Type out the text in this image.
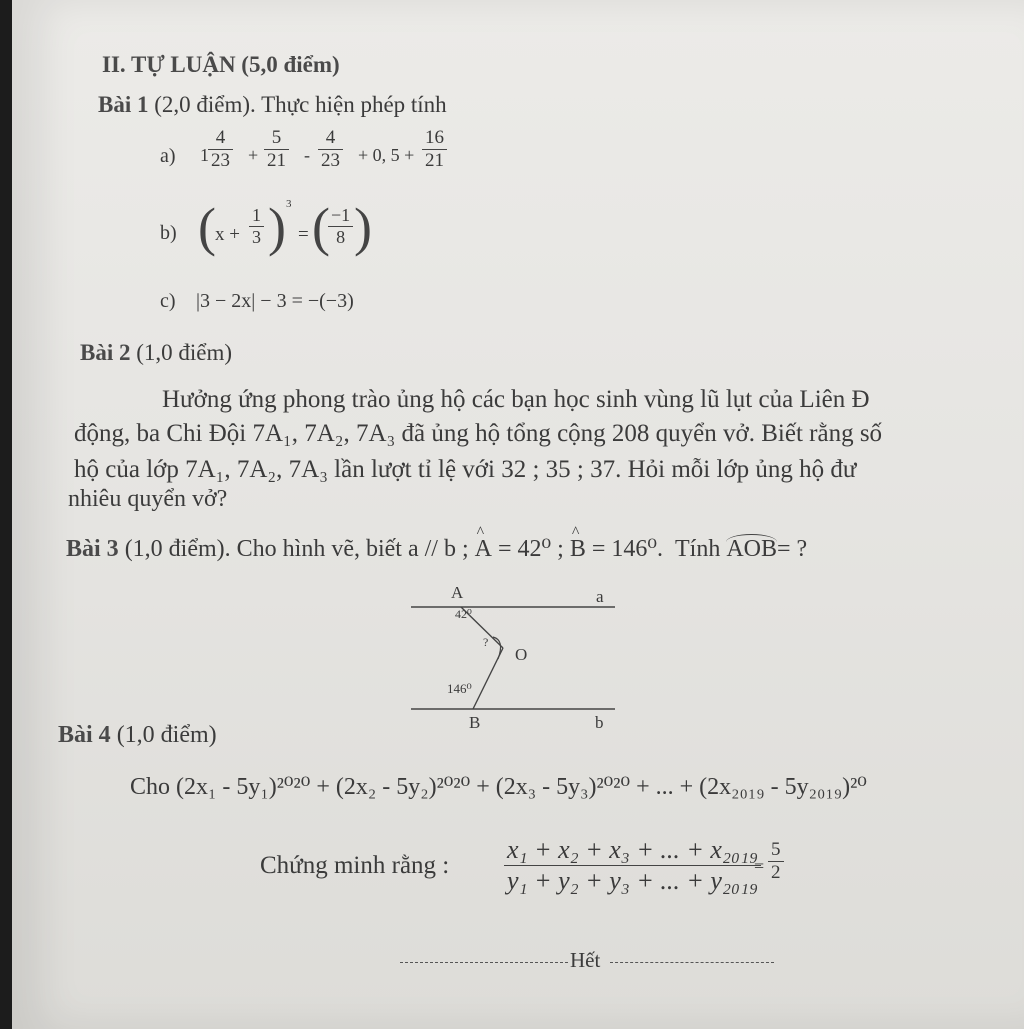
II. TỰ LUẬN (5,0 điểm)
Bài 1 (2,0 điểm). Thực hiện phép tính
a) $1 \frac{4}{23} + \frac{5}{21} - \frac{4}{23} + 0$, $5 + \frac{16}{21}$
b) ( $x + \frac{1}{3}$ ) 3
= (
$\frac{-1}{8}$ )
c) |3 − 2x| − 3 = −(−3)
Bài 2 (1,0 điểm)
Hưởng ứng phong trào ủng hộ các bạn học sinh vùng lũ lụt của Liên Đ
động, ba Chi Đội 7A₁, 7A₂, 7A₃ đã ủng hộ tổng cộng 208 quyển vở. Biết rằng số
hộ của lớp 7A₁, 7A₂, 7A₃ lần lượt tỉ lệ với 32 ; 35 ; 37. Hỏi mỗi lớp ủng hộ đư
nhiêu quyển vở?
Bài 3 (1,0 điểm). Cho hình vẽ, biết a // b ;
^
A = 42⁰ ;
^
B = 146⁰. Tính AOB= ?
A	a
42⁰
?
O
146⁰
B	b
Bài 4 (1,0 điểm)
Cho (2x₁ - 5y₁)²⁰²⁰ + (2x₂ - 5y₂)²⁰²⁰ + (2x₃ - 5y₃)²⁰²⁰ + ... + (2x₂₀₁₉ - 5y₂₀₁₉)²⁰
Chứng minh rằng : $\frac{\text{x₁ + x₂ + x₃ + ... + x₂₀₁₉}}{\text{y₁ + y₂ + y₃ + ... + y₂₀₁₉}}$
= $\frac{5}{2}$
Hết
